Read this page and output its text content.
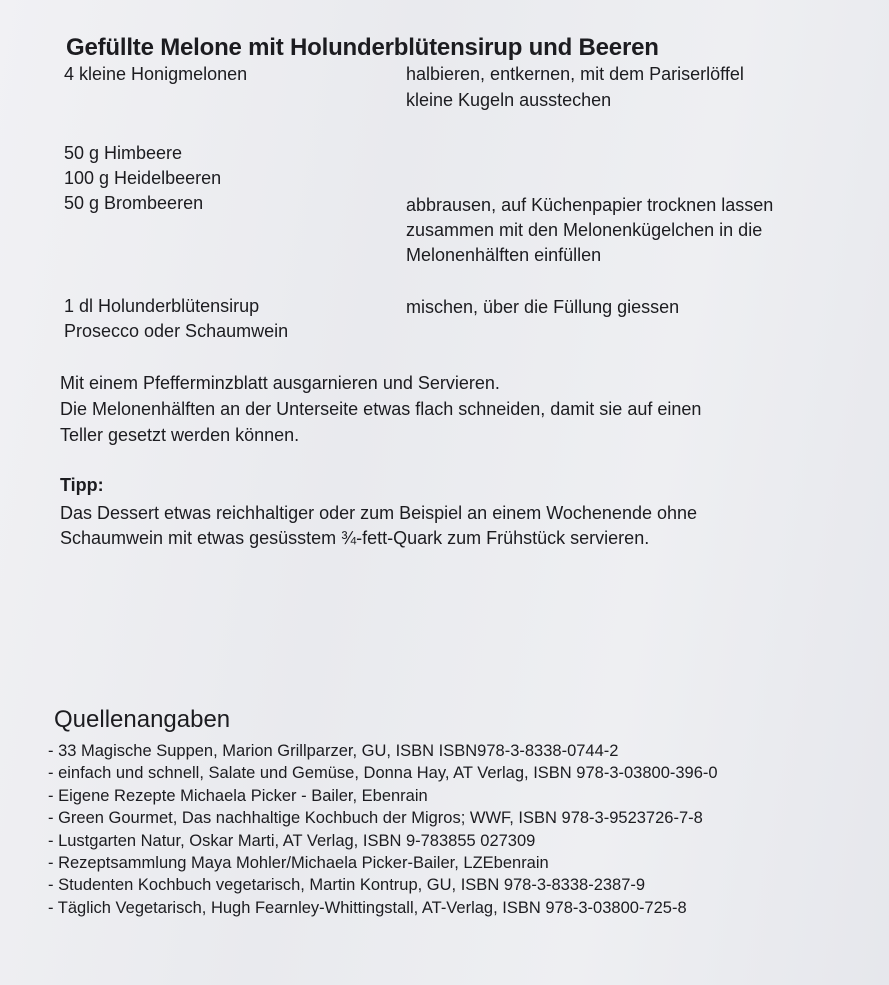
Gefüllte Melone mit Holunderblütensirup und Beeren
4 kleine Honigmelonen	halbieren, entkernen, mit dem Pariserlöffel
kleine Kugeln ausstechen
50 g Himbeere
100 g Heidelbeeren
50 g Brombeeren	abbrausen, auf Küchenpapier trocknen lassen
zusammen mit den Melonenkügelchen in die
Melonenhälften einfüllen
1 dl Holunderblütensirup	mischen, über die Füllung giessen
Prosecco oder Schaumwein
Mit einem Pfefferminzblatt ausgarnieren und Servieren.
Die Melonenhälften an der Unterseite etwas flach schneiden, damit sie auf einen
Teller gesetzt werden können.
Tipp:
Das Dessert etwas reichhaltiger oder zum Beispiel an einem Wochenende ohne
Schaumwein mit etwas gesüsstem ¾-fett-Quark zum Frühstück servieren.
Quellenangaben
- 33 Magische Suppen, Marion Grillparzer, GU, ISBN ISBN978-3-8338-0744-2
- einfach und schnell, Salate und Gemüse, Donna Hay, AT Verlag, ISBN 978-3-03800-396-0
- Eigene Rezepte Michaela Picker - Bailer, Ebenrain
- Green Gourmet, Das nachhaltige Kochbuch der Migros; WWF, ISBN 978-3-9523726-7-8
- Lustgarten Natur, Oskar Marti, AT Verlag, ISBN 9-783855 027309
- Rezeptsammlung Maya Mohler/Michaela Picker-Bailer, LZEbenrain
- Studenten Kochbuch vegetarisch, Martin Kontrup, GU, ISBN 978-3-8338-2387-9
- Täglich Vegetarisch, Hugh Fearnley-Whittingstall, AT-Verlag, ISBN 978-3-03800-725-8
